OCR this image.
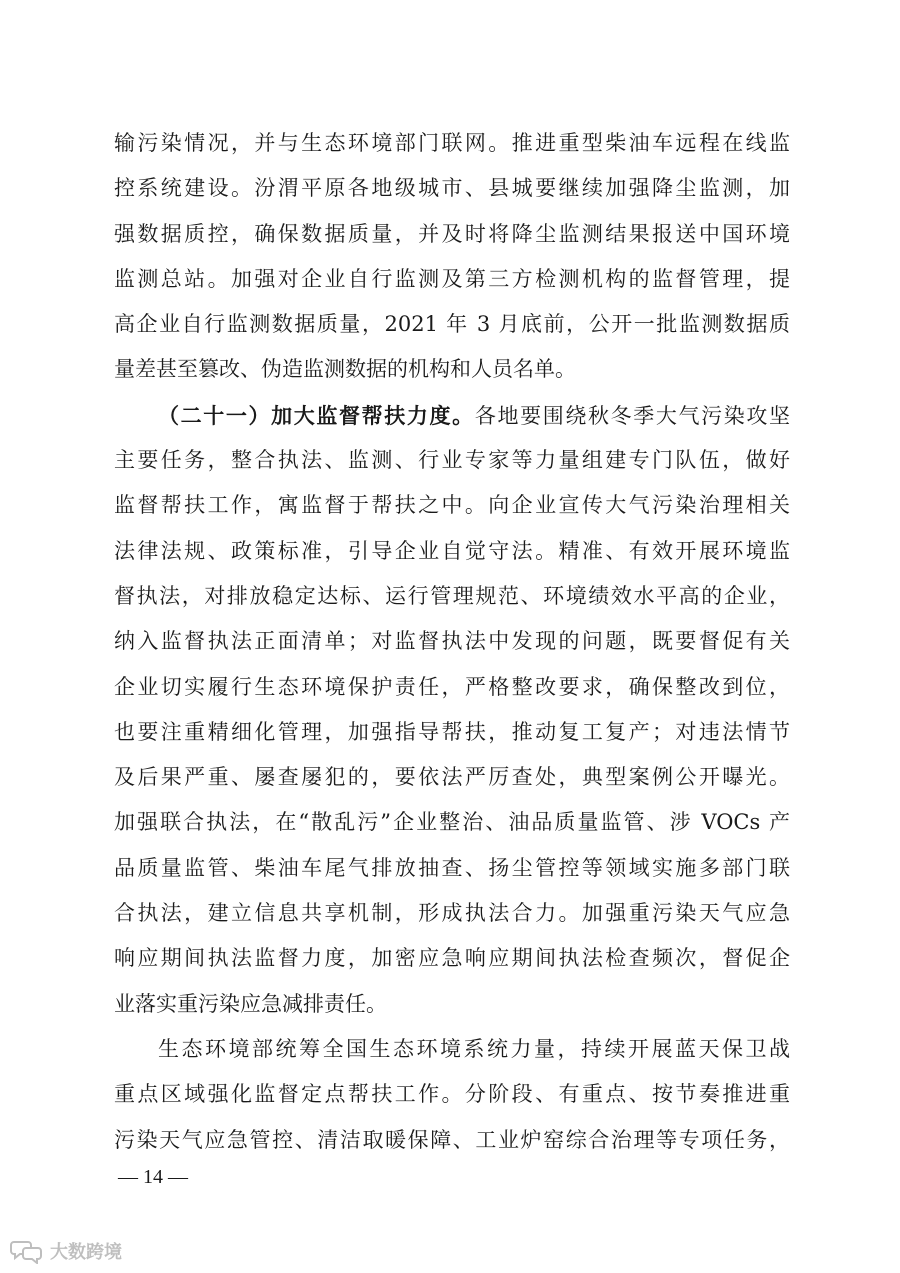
输污染情况，并与生态环境部门联网。推进重型柴油车远程在线监
控系统建设。汾渭平原各地级城市、县城要继续加强降尘监测，加
强数据质控，确保数据质量，并及时将降尘监测结果报送中国环境
监测总站。加强对企业自行监测及第三方检测机构的监督管理，提
高企业自行监测数据质量，2021 年 3 月底前，公开一批监测数据质
量差甚至篡改、伪造监测数据的机构和人员名单。
（二十一）加大监督帮扶力度。各地要围绕秋冬季大气污染攻坚
主要任务，整合执法、监测、行业专家等力量组建专门队伍，做好
监督帮扶工作，寓监督于帮扶之中。向企业宣传大气污染治理相关
法律法规、政策标准，引导企业自觉守法。精准、有效开展环境监
督执法，对排放稳定达标、运行管理规范、环境绩效水平高的企业，
纳入监督执法正面清单；对监督执法中发现的问题，既要督促有关
企业切实履行生态环境保护责任，严格整改要求，确保整改到位，
也要注重精细化管理，加强指导帮扶，推动复工复产；对违法情节
及后果严重、屡查屡犯的，要依法严厉查处，典型案例公开曝光。
加强联合执法，在“散乱污”企业整治、油品质量监管、涉 VOCs 产
品质量监管、柴油车尾气排放抽查、扬尘管控等领域实施多部门联
合执法，建立信息共享机制，形成执法合力。加强重污染天气应急
响应期间执法监督力度，加密应急响应期间执法检查频次，督促企
业落实重污染应急减排责任。
生态环境部统筹全国生态环境系统力量，持续开展蓝天保卫战
重点区域强化监督定点帮扶工作。分阶段、有重点、按节奏推进重
污染天气应急管控、清洁取暖保障、工业炉窑综合治理等专项任务，
— 14 —
大数跨境
